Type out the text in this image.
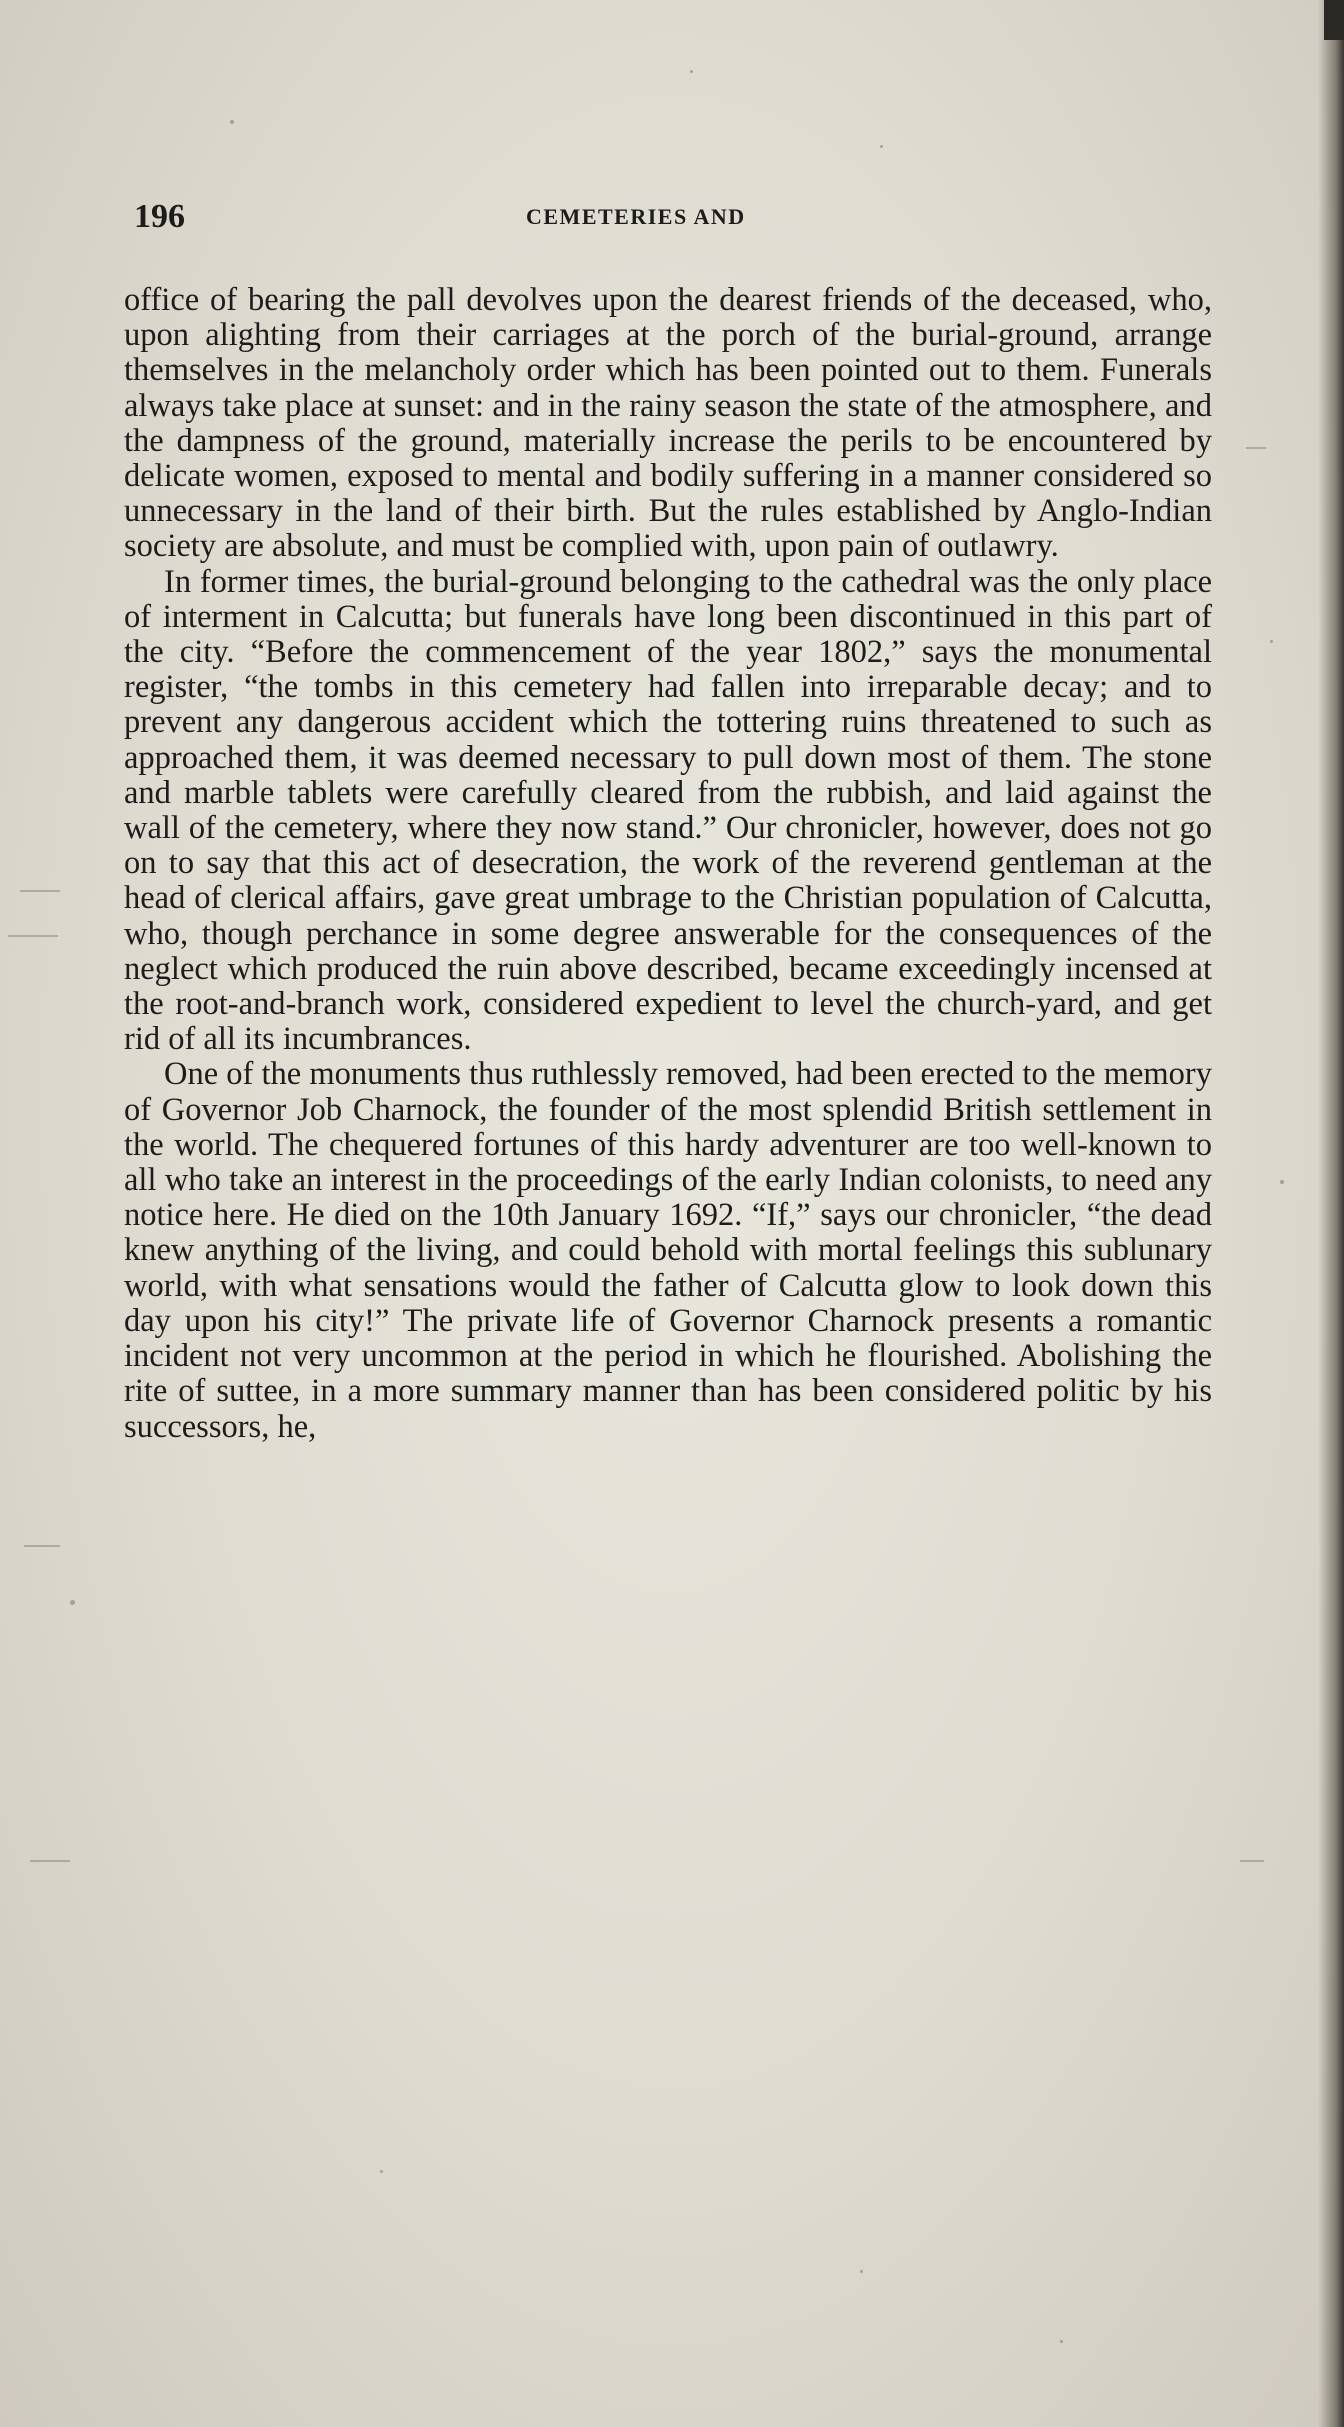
196	CEMETERIES AND

office of bearing the pall devolves upon the dearest friends of the deceased, who, upon alighting from their carriages at the porch of the burial-ground, arrange themselves in the melancholy order which has been pointed out to them. Funerals always take place at sunset: and in the rainy season the state of the atmosphere, and the dampness of the ground, materially increase the perils to be encountered by delicate women, exposed to mental and bodily suffering in a manner considered so unnecessary in the land of their birth. But the rules established by Anglo-Indian society are absolute, and must be complied with, upon pain of outlawry.

In former times, the burial-ground belonging to the cathedral was the only place of interment in Calcutta; but funerals have long been discontinued in this part of the city. “Before the commencement of the year 1802,” says the monumental register, “the tombs in this cemetery had fallen into irreparable decay; and to prevent any dangerous accident which the tottering ruins threatened to such as approached them, it was deemed necessary to pull down most of them. The stone and marble tablets were carefully cleared from the rubbish, and laid against the wall of the cemetery, where they now stand.” Our chronicler, however, does not go on to say that this act of desecration, the work of the reverend gentleman at the head of clerical affairs, gave great umbrage to the Christian population of Calcutta, who, though perchance in some degree answerable for the consequences of the neglect which produced the ruin above described, became exceedingly incensed at the root-and-branch work, considered expedient to level the church-yard, and get rid of all its incumbrances.

One of the monuments thus ruthlessly removed, had been erected to the memory of Governor Job Charnock, the founder of the most splendid British settlement in the world. The chequered fortunes of this hardy adventurer are too well-known to all who take an interest in the proceedings of the early Indian colonists, to need any notice here. He died on the 10th January 1692. “If,” says our chronicler, “the dead knew anything of the living, and could behold with mortal feelings this sublunary world, with what sensations would the father of Calcutta glow to look down this day upon his city!” The private life of Governor Charnock presents a romantic incident not very uncommon at the period in which he flourished. Abolishing the rite of suttee, in a more summary manner than has been considered politic by his successors, he,
